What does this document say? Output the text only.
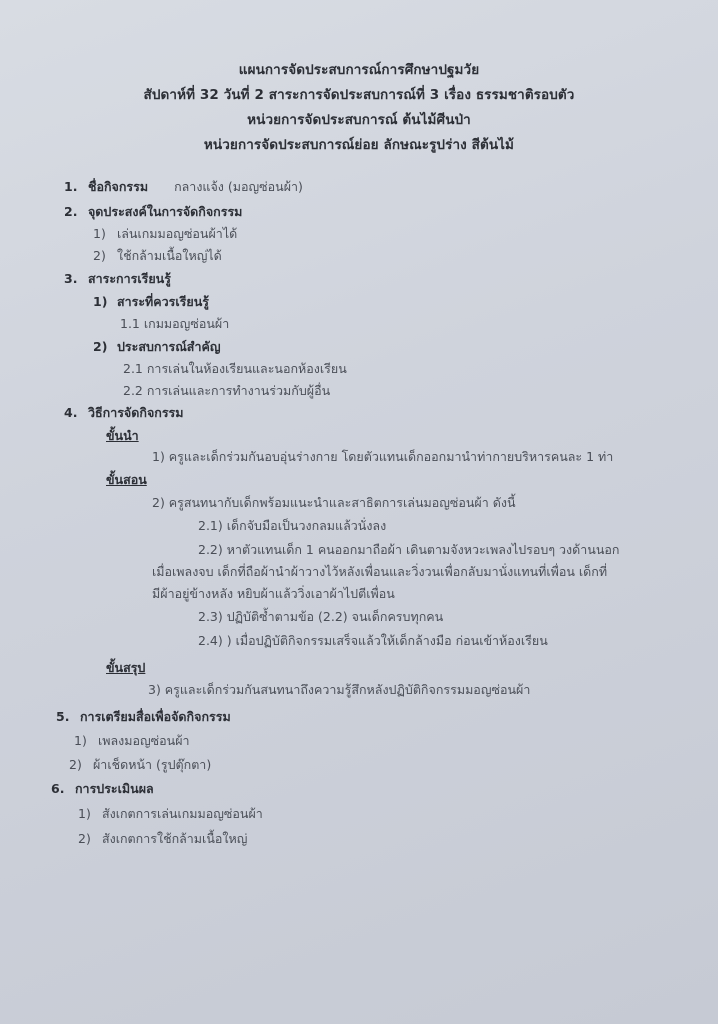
แผนการจัดประสบการณ์การศึกษาปฐมวัย
สัปดาห์ที่ 32 วันที่ 2 สาระการจัดประสบการณ์ที่ 3 เรื่อง ธรรมชาติรอบตัว
หน่วยการจัดประสบการณ์ ต้นไม้ศีนป่า
หน่วยการจัดประสบการณ์ย่อย ลักษณะรูปร่าง สีต้นไม้
1. ชื่อกิจกรรม กลางแจ้ง (มอญซ่อนผ้า)
2. จุดประสงค์ในการจัดกิจกรรม
1) เล่นเกมมอญซ่อนผ้าได้
2) ใช้กล้ามเนื้อใหญ่ได้
3. สาระการเรียนรู้
1) สาระที่ควรเรียนรู้
1.1 เกมมอญซ่อนผ้า
2) ประสบการณ์สำคัญ
2.1 การเล่นในห้องเรียนและนอกห้องเรียน
2.2 การเล่นและการทำงานร่วมกับผู้อื่น
4. วิธีการจัดกิจกรรม
ขั้นนำ
1) ครูและเด็กร่วมกันอบอุ่นร่างกาย โดยตัวแทนเด็กออกมานำท่ากายบริหารคนละ 1 ท่า
ขั้นสอน
2) ครูสนทนากับเด็กพร้อมแนะนำและสาธิตการเล่นมอญซ่อนผ้า ดังนี้
2.1) เด็กจับมือเป็นวงกลมแล้วนั่งลง
2.2) หาตัวแทนเด็ก 1 คนออกมาถือผ้า เดินตามจังหวะเพลงไปรอบๆ วงด้านนอก
เมื่อเพลงจบ เด็กที่ถือผ้านำผ้าวางไว้หลังเพื่อนและวิ่งวนเพื่อกลับมานั่งแทนที่เพื่อน เด็กที่
มีผ้าอยู่ข้างหลัง หยิบผ้าแล้ววิ่งเอาผ้าไปตีเพื่อน
2.3) ปฏิบัติซ้ำตามข้อ (2.2) จนเด็กครบทุกคน
2.4) ) เมื่อปฏิบัติกิจกรรมเสร็จแล้วให้เด็กล้างมือ ก่อนเข้าห้องเรียน
ขั้นสรุป
3) ครูและเด็กร่วมกันสนทนาถึงความรู้สึกหลังปฏิบัติกิจกรรมมอญซ่อนผ้า
5. การเตรียมสื่อเพื่อจัดกิจกรรม
1) เพลงมอญซ่อนผ้า
2) ผ้าเช็ดหน้า (รูปตุ๊กตา)
6. การประเมินผล
1) สังเกตการเล่นเกมมอญซ่อนผ้า
2) สังเกตการใช้กล้ามเนื้อใหญ่
